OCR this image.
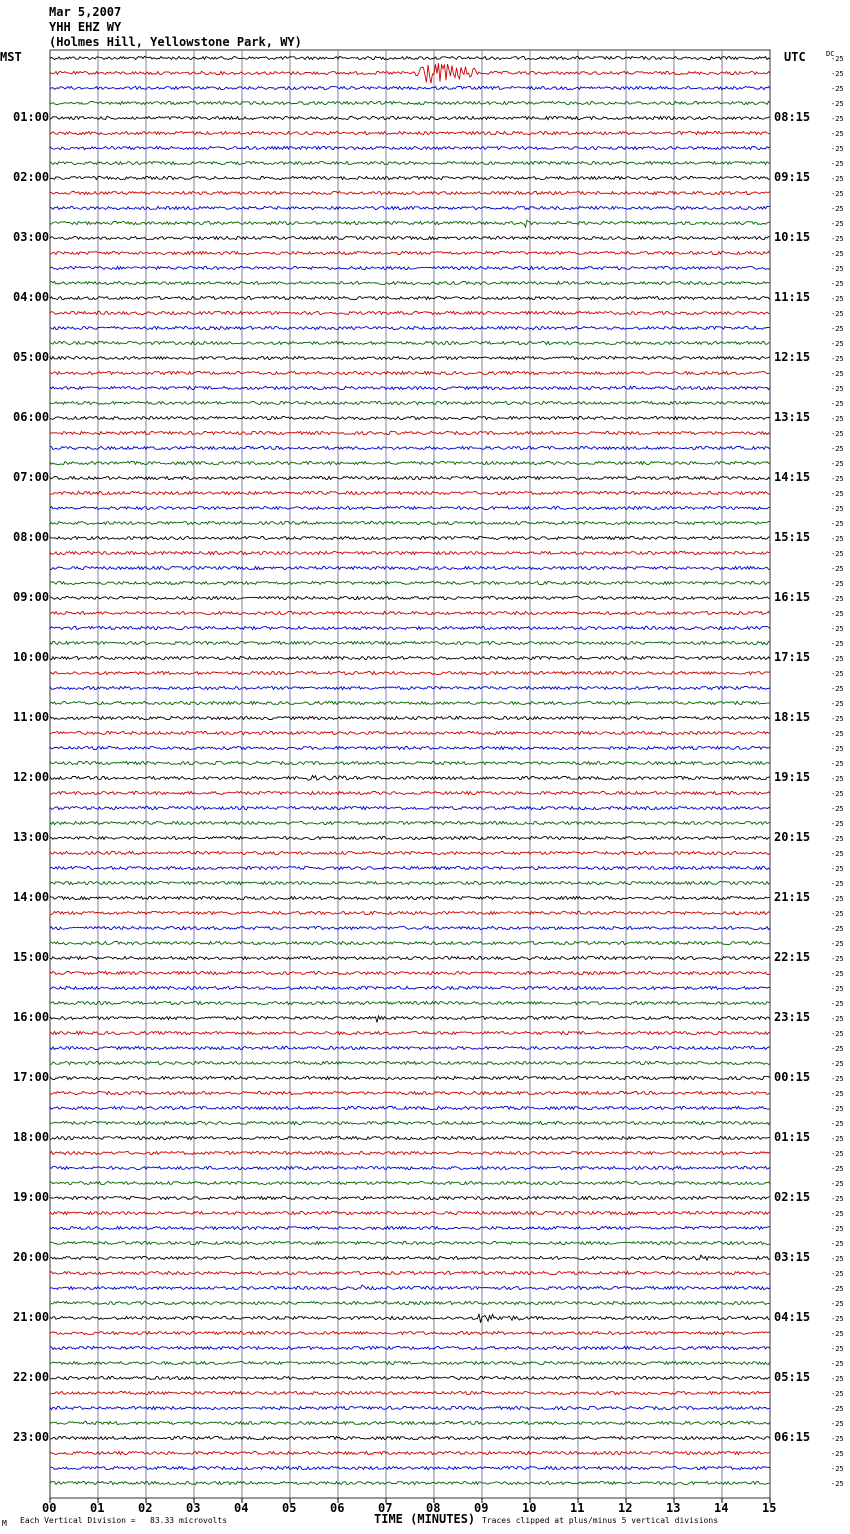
Mar 5,2007
YHH EHZ WY
(Holmes Hill, Yellowstone Park, WY)
MST	UTC	DC
-25
-25
-25
-25
-25
-25
-25
-25
-25
-25
-25
-25
-25
-25
-25
-25
-25
-25
-25
-25
-25
-25
-25
-25
-25
-25
-25
-25
-25
-25
-25
-25
-25
-25
-25
-25
-25
-25
-25
-25
-25
-25
-25
-25
-25
-25
-25
-25
-25
-25
-25
-25
-25
-25
-25
-25
-25
-25
-25
-25
-25
-25
-25
-25
-25
-25
-25
-25
-25
-25
-25
-25
-25
-25
-25
-25
-25
-25
-25
-25
-25
-25
-25
-25
-25
-25
-25
-25
-25
-25
-25
-25
-25
-25
-25
-25
01:00	08:15
02:00	09:15
03:00	10:15
04:00	11:15
05:00	12:15
06:00	13:15
07:00	14:15
08:00	15:15
09:00	16:15
10:00	17:15
11:00	18:15
12:00	19:15
13:00	20:15
14:00	21:15
15:00	22:15
16:00	23:15
17:00	00:15
18:00	01:15
19:00	02:15
20:00	03:15
21:00	04:15
22:00	05:15
23:00	06:15
00	01	02	03	04	05	06	07	08	09	10	11	12	13	14	15
M Each Vertical Division =   83.33 microvolts	TIME (MINUTES) Traces clipped at plus/minus 5 vertical divisions
